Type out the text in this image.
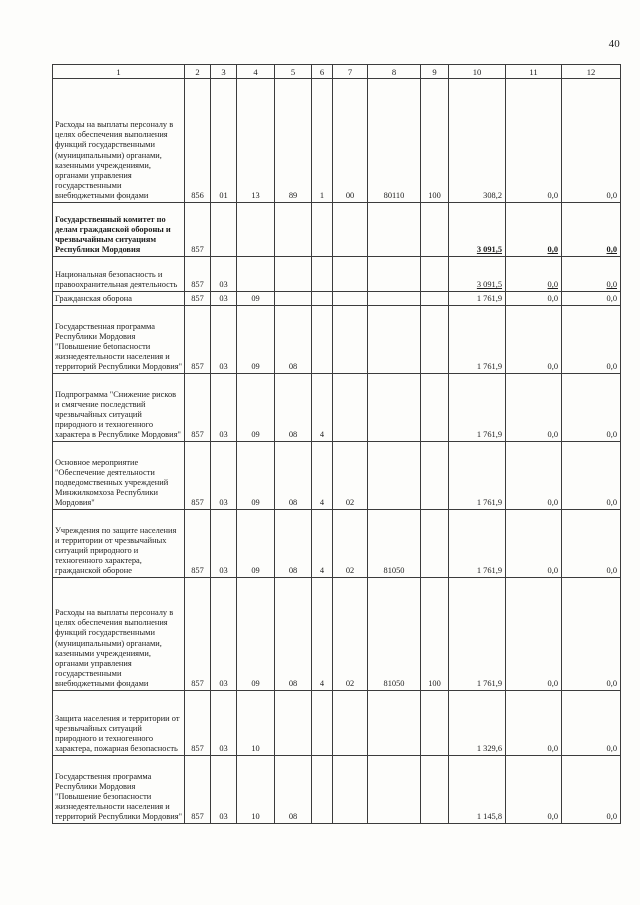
40
1	2	3	4	5	6	7	8	9	10	11	12
Расходы на выплаты персоналу в целях обеспечения выполнения функций государственными (муниципальными) органами, казенными учреждениями, органами управления государственными внебюджетными фондами	856	01	13	89	1	00	80110	100	308,2	0,0	0,0
Государственный комитет по делам гражданской обороны и чрезвычайным ситуациям Республики Мордовия	857								3 091,5	0,0	0,0
Национальная безопасность и правоохранительная деятельность	857	03							3 091,5	0,0	0,0
Гражданская оборона	857	03	09						1 761,9	0,0	0,0
Государственная программа Республики Мордовия "Повышение беtoпасности жизнедеятельности населения и территорий Республики Мордовия"	857	03	09	08					1 761,9	0,0	0,0
Подпрограмма "Снижение рисков и смягчение последствий чрезвычайных ситуаций природного и техногенного характера в Республике Мордовия"	857	03	09	08	4				1 761,9	0,0	0,0
Основное мероприятие "Обеспечение деятельности подведомственных учреждений Минжилкомхоза Республики Мордовия"	857	03	09	08	4	02			1 761,9	0,0	0,0
Учреждения по защите населения и территории от чрезвычайных ситуаций природного и техногенного характера, гражданской обороне	857	03	09	08	4	02	81050		1 761,9	0,0	0,0
Расходы на выплаты персоналу в целях обеспечения выполнения функций государственными (муниципальными) органами, казенными учреждениями, органами управления государственными внебюджетными фондами	857	03	09	08	4	02	81050	100	1 761,9	0,0	0,0
Защита населения и территории от чрезвычайных ситуаций природного и техногенного характера, пожарная безопасность	857	03	10						1 329,6	0,0	0,0
Государствення программа Республики Мордовия "Повышение безопасности жизнедеятельности населения и территорий Республики Мордовия"	857	03	10	08					1 145,8	0,0	0,0
